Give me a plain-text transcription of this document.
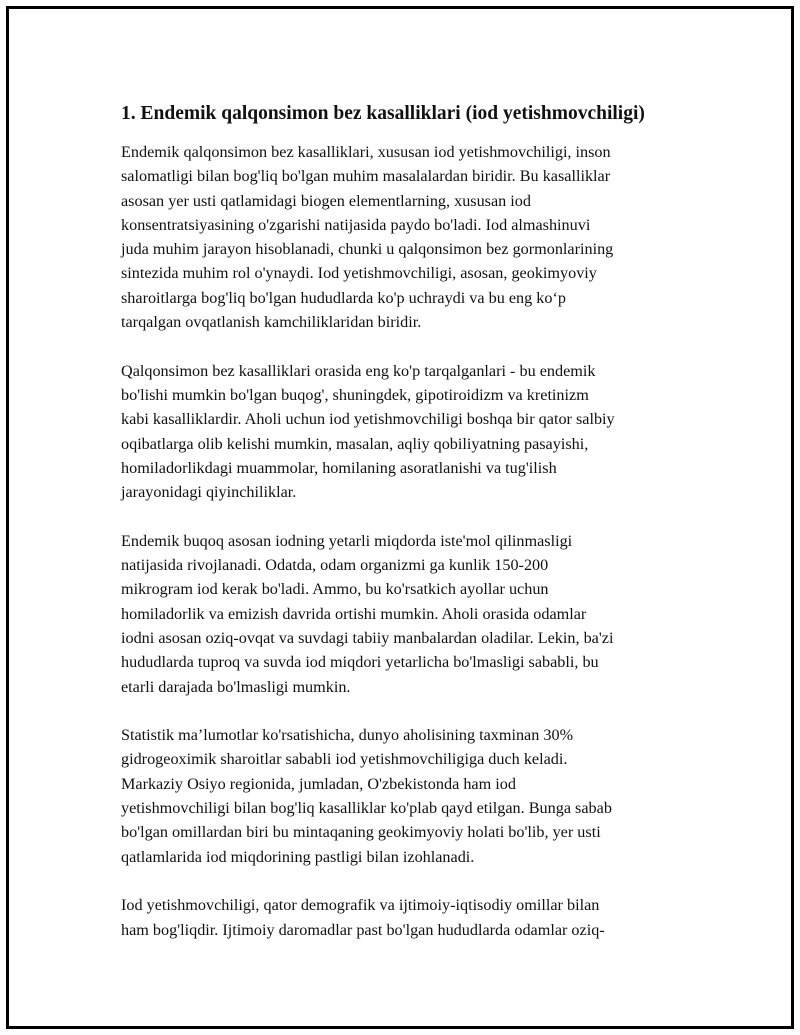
1. Endemik qalqonsimon bez kasalliklari (iod yetishmovchiligi)
Endemik qalqonsimon bez kasalliklari, xususan iod yetishmovchiligi, inson
salomatligi bilan bog'liq bo'lgan muhim masalalardan biridir. Bu kasalliklar
asosan yer usti qatlamidagi biogen elementlarning, xususan iod
konsentratsiyasining o'zgarishi natijasida paydo bo'ladi. Iod almashinuvi
juda muhim jarayon hisoblanadi, chunki u qalqonsimon bez gormonlarining
sintezida muhim rol o'ynaydi. Iod yetishmovchiligi, asosan, geokimyoviy
sharoitlarga bog'liq bo'lgan hududlarda ko'p uchraydi va bu eng ko‘p
tarqalgan ovqatlanish kamchiliklaridan biridir.
Qalqonsimon bez kasalliklari orasida eng ko'p tarqalganlari - bu endemik
bo'lishi mumkin bo'lgan buqog', shuningdek, gipotiroidizm va kretinizm
kabi kasalliklardir. Aholi uchun iod yetishmovchiligi boshqa bir qator salbiy
oqibatlarga olib kelishi mumkin, masalan, aqliy qobiliyatning pasayishi,
homiladorlikdagi muammolar, homilaning asoratlanishi va tug'ilish
jarayonidagi qiyinchiliklar.
Endemik buqoq asosan iodning yetarli miqdorda iste'mol qilinmasligi
natijasida rivojlanadi. Odatda, odam organizmi ga kunlik 150-200
mikrogram iod kerak bo'ladi. Ammo, bu ko'rsatkich ayollar uchun
homiladorlik va emizish davrida ortishi mumkin. Aholi orasida odamlar
iodni asosan oziq-ovqat va suvdagi tabiiy manbalardan oladilar. Lekin, ba'zi
hududlarda tuproq va suvda iod miqdori yetarlicha bo'lmasligi sababli, bu
etarli darajada bo'lmasligi mumkin.
Statistik ma’lumotlar ko'rsatishicha, dunyo aholisining taxminan 30%
gidrogeoximik sharoitlar sababli iod yetishmovchiligiga duch keladi.
Markaziy Osiyo regionida, jumladan, O'zbekistonda ham iod
yetishmovchiligi bilan bog'liq kasalliklar ko'plab qayd etilgan. Bunga sabab
bo'lgan omillardan biri bu mintaqaning geokimyoviy holati bo'lib, yer usti
qatlamlarida iod miqdorining pastligi bilan izohlanadi.
Iod yetishmovchiligi, qator demografik va ijtimoiy-iqtisodiy omillar bilan
ham bog'liqdir. Ijtimoiy daromadlar past bo'lgan hududlarda odamlar oziq-
